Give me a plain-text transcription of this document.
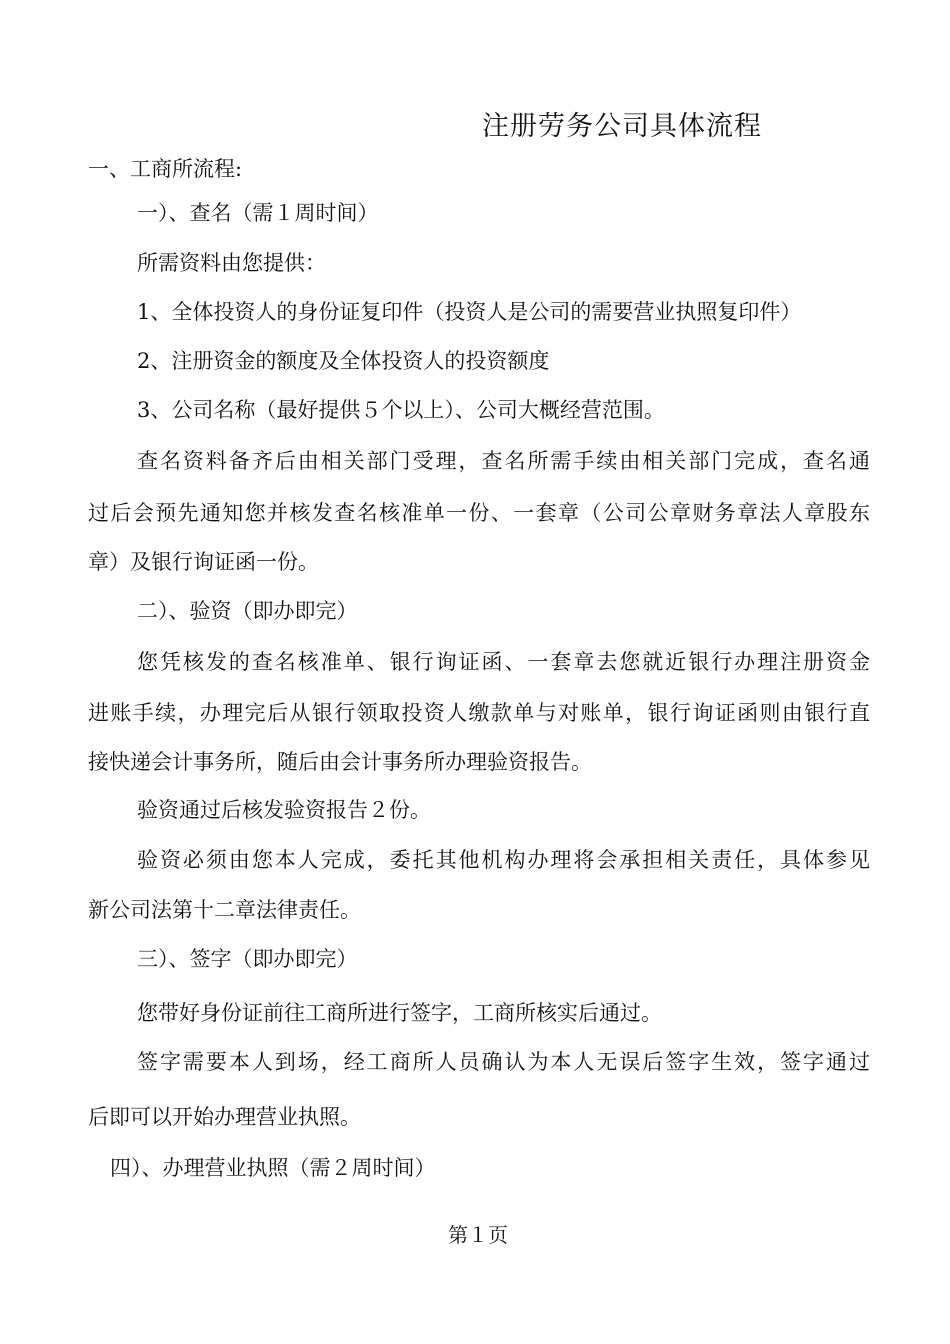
注册劳务公司具体流程
一、工商所流程:
一）、查名（需１周时间）
所需资料由您提供：
1、全体投资人的身份证复印件（投资人是公司的需要营业执照复印件）
2、注册资金的额度及全体投资人的投资额度
3、公司名称（最好提供５个以上）、公司大概经营范围。
查名资料备齐后由相关部门受理，查名所需手续由相关部门完成，查名通
过后会预先通知您并核发查名核准单一份、一套章（公司公章财务章法人章股东
章）及银行询证函一份。
二）、验资（即办即完）
您凭核发的查名核准单、银行询证函、一套章去您就近银行办理注册资金
进账手续，办理完后从银行领取投资人缴款单与对账单，银行询证函则由银行直
接快递会计事务所，随后由会计事务所办理验资报告。
验资通过后核发验资报告２份。
验资必须由您本人完成，委托其他机构办理将会承担相关责任，具体参见
新公司法第十二章法律责任。
三）、签字（即办即完）
您带好身份证前往工商所进行签字，工商所核实后通过。
签字需要本人到场，经工商所人员确认为本人无误后签字生效，签字通过
后即可以开始办理营业执照。
四）、办理营业执照（需２周时间）
第１页
